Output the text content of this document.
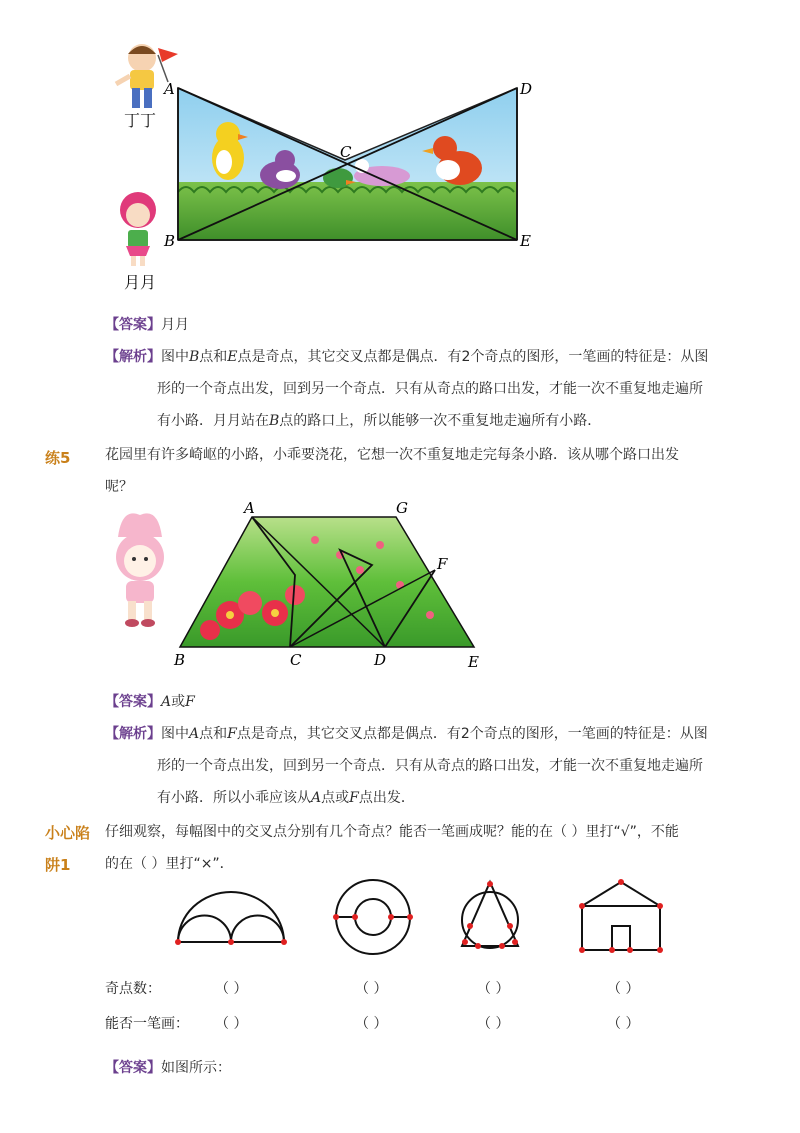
A	D
C
B	E
丁丁
月月
【答案】月月
【解析】图中B点和E点是奇点，其它交叉点都是偶点．有2个奇点的图形，一笔画的特征是：从图
形的一个奇点出发，回到另一个奇点．只有从奇点的路口出发，才能一次不重复地走遍所
有小路．月月站在B点的路口上，所以能够一次不重复地走遍所有小路．
练5 花园里有许多崎岖的小路，小乖要浇花，它想一次不重复地走完每条小路．该从哪个路口出发
呢？
A	G
F
B	C	D	E
【答案】A或F
【解析】图中A点和F点是奇点，其它交叉点都是偶点．有2个奇点的图形，一笔画的特征是：从图
形的一个奇点出发，回到另一个奇点．只有从奇点的路口出发，才能一次不重复地走遍所
有小路．所以小乖应该从A点或F点出发．
小心陷
阱1
仔细观察，每幅图中的交叉点分别有几个奇点？能否一笔画成呢？能的在（ ）里打“√”，不能
的在（ ）里打“×”．
奇点数：	（ ）	（ ）	（ ）	（ ）
能否一笔画： （ ）	（ ）	（ ）	（ ）
【答案】如图所示：
